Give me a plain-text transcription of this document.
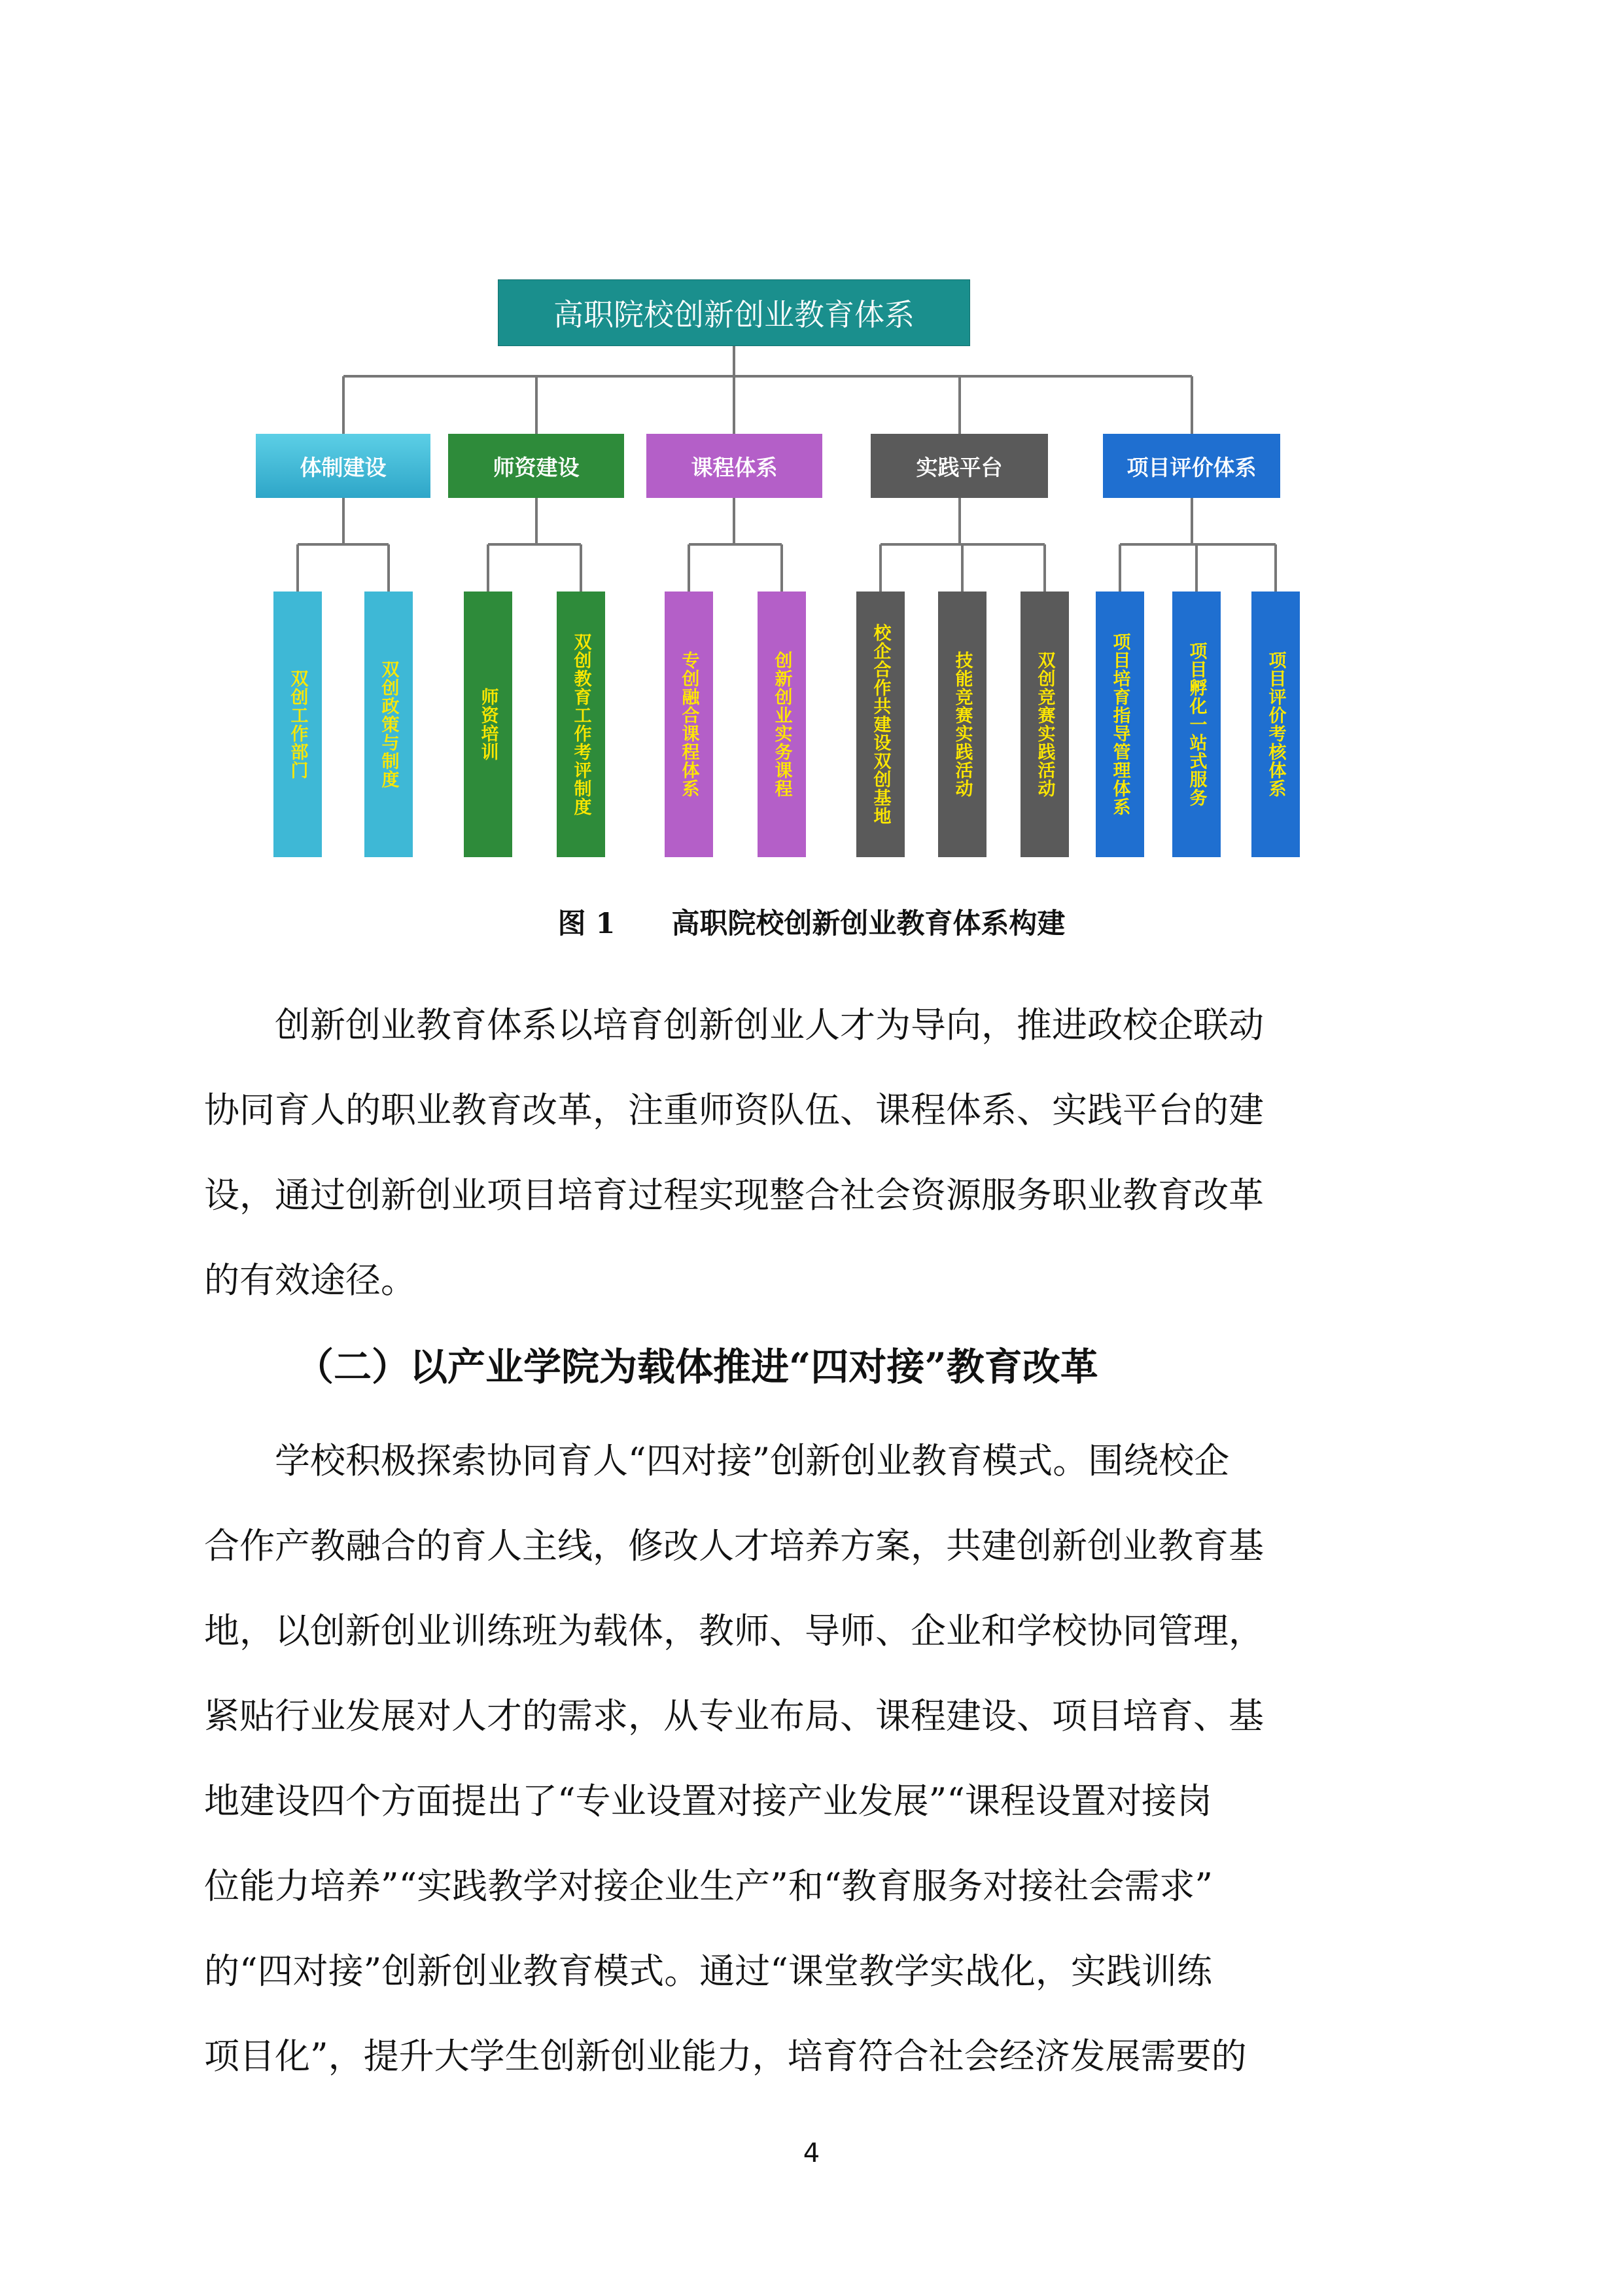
高职院校创新创业教育体系
体制建设	师资建设	课程体系	实践平台	项目评价体系
双创工作部门	双创政策与制度	师资培训	双创教育工作考评制度	专创融合课程体系	创新创业实务课程	校企合作共建设双创基地	技能竞赛实践活动	双创竞赛实践活动	项目培育指导管理体系	项目孵化一站式服务	项目评价考核体系
图 1　　高职院校创新创业教育体系构建
　　创新创业教育体系以培育创新创业人才为导向，推进政校企联动
协同育人的职业教育改革，注重师资队伍、课程体系、实践平台的建
设，通过创新创业项目培育过程实现整合社会资源服务职业教育改革
的有效途径。
（二）以产业学院为载体推进“四对接”教育改革
　　学校积极探索协同育人“四对接”创新创业教育模式。围绕校企
合作产教融合的育人主线，修改人才培养方案，共建创新创业教育基
地，以创新创业训练班为载体，教师、导师、企业和学校协同管理，
紧贴行业发展对人才的需求，从专业布局、课程建设、项目培育、基
地建设四个方面提出了“专业设置对接产业发展”“课程设置对接岗
位能力培养”“实践教学对接企业生产”和“教育服务对接社会需求”
的“四对接”创新创业教育模式。通过“课堂教学实战化，实践训练
项目化”，提升大学生创新创业能力，培育符合社会经济发展需要的
4
